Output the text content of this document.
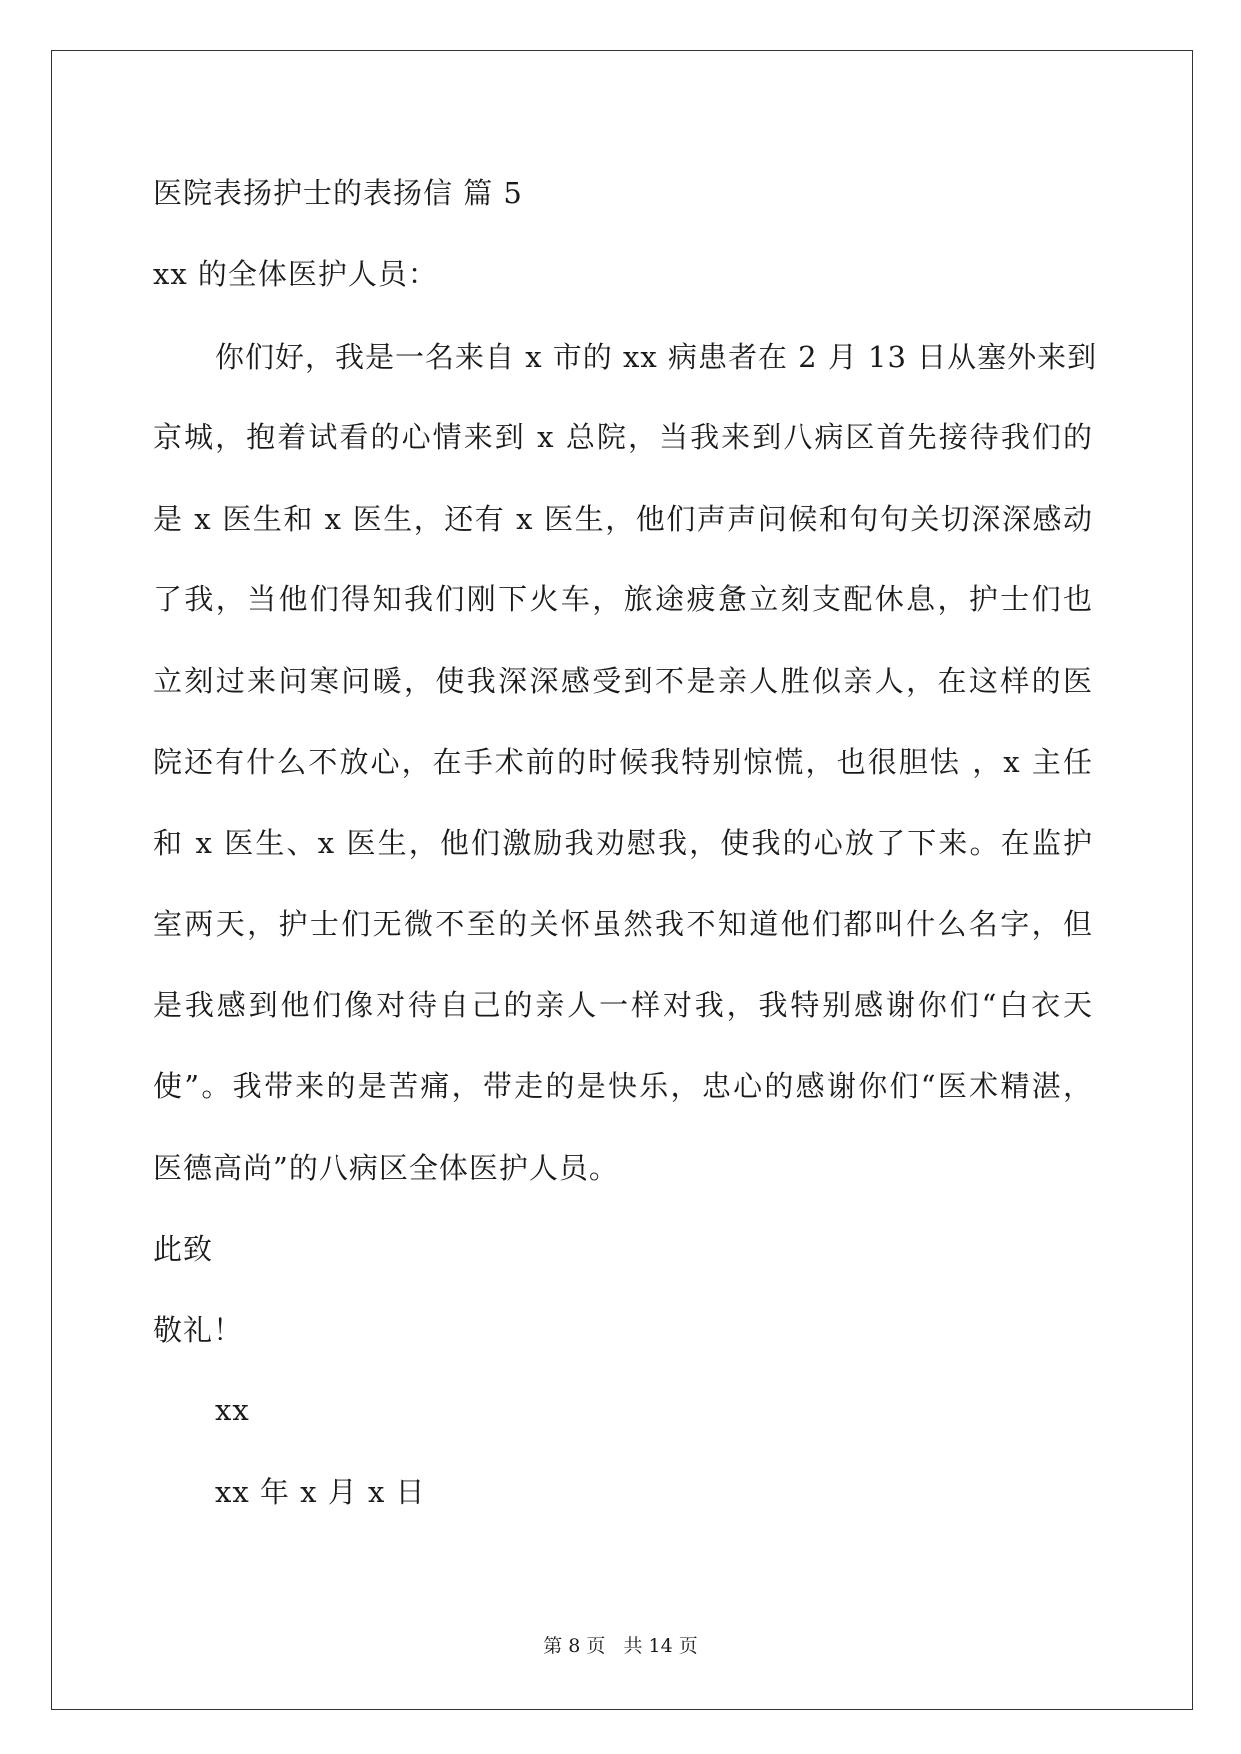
医院表扬护士的表扬信 篇 5

xx 的全体医护人员：

你们好，我是一名来自 x 市的 xx 病患者在 2 月 13 日从塞外来到

京城，抱着试看的心情来到 x 总院，当我来到八病区首先接待我们的

是 x 医生和 x 医生，还有 x 医生，他们声声问候和句句关切深深感动

了我，当他们得知我们刚下火车，旅途疲惫立刻支配休息，护士们也

立刻过来问寒问暖，使我深深感受到不是亲人胜似亲人，在这样的医

院还有什么不放心，在手术前的时候我特别惊慌，也很胆怯 ，x 主任

和 x 医生、x 医生，他们激励我劝慰我，使我的心放了下来。在监护

室两天，护士们无微不至的关怀虽然我不知道他们都叫什么名字，但

是我感到他们像对待自己的亲人一样对我，我特别感谢你们“白衣天

使”。我带来的是苦痛，带走的是快乐，忠心的感谢你们“医术精湛，

医德高尚”的八病区全体医护人员。

此致

敬礼！

xx

xx 年 x 月 x 日

第 8 页 共 14 页
